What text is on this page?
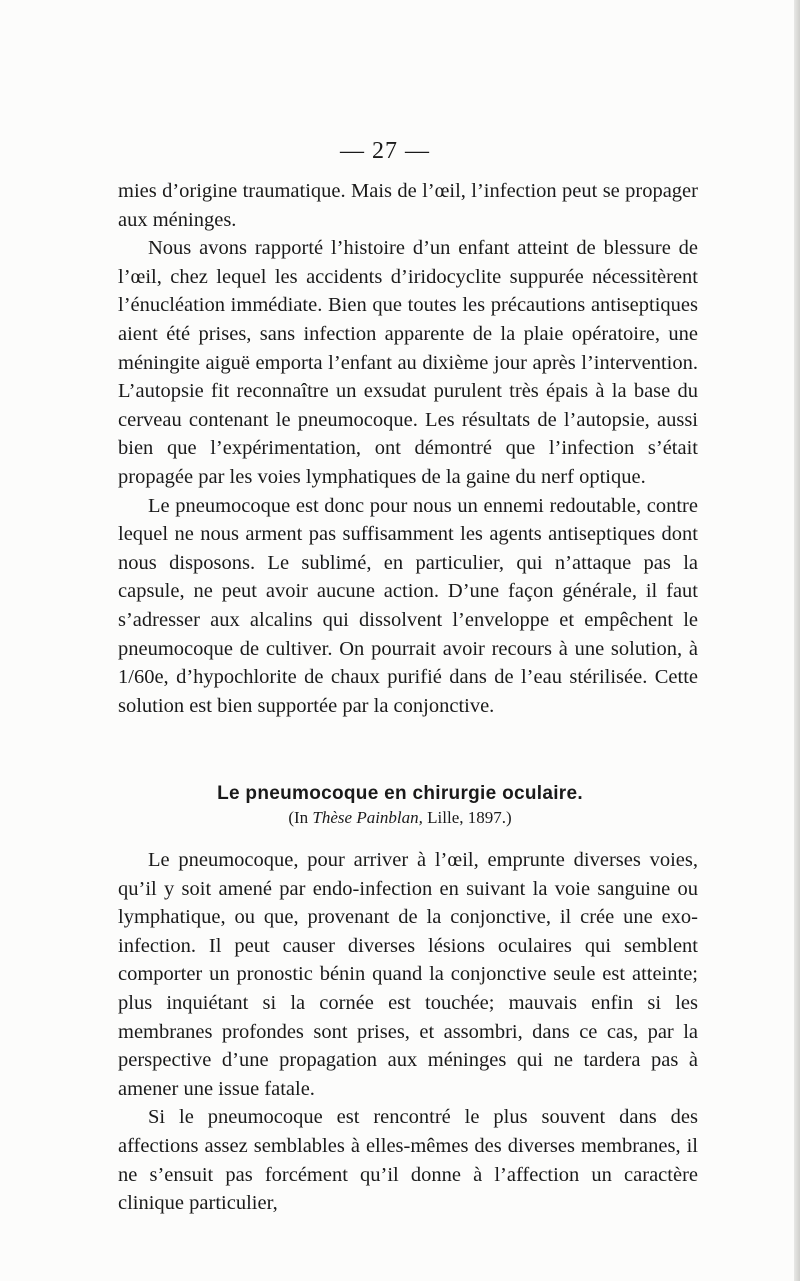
— 27 —

mies d’origine traumatique. Mais de l’œil, l’infection peut se propager aux méninges.

Nous avons rapporté l’histoire d’un enfant atteint de blessure de l’œil, chez lequel les accidents d’iridocyclite suppurée nécessitèrent l’énucléation immédiate. Bien que toutes les précautions antiseptiques aient été prises, sans infection apparente de la plaie opératoire, une méningite aiguë emporta l’enfant au dixième jour après l’intervention. L’autopsie fit reconnaître un exsudat purulent très épais à la base du cerveau contenant le pneumocoque. Les résultats de l’autopsie, aussi bien que l’expérimentation, ont démontré que l’infection s’était propagée par les voies lymphatiques de la gaine du nerf optique.

Le pneumocoque est donc pour nous un ennemi redoutable, contre lequel ne nous arment pas suffisamment les agents antiseptiques dont nous disposons. Le sublimé, en particulier, qui n’attaque pas la capsule, ne peut avoir aucune action. D’une façon générale, il faut s’adresser aux alcalins qui dissolvent l’enveloppe et empêchent le pneumocoque de cultiver. On pourrait avoir recours à une solution, à 1/60e, d’hypochlorite de chaux purifié dans de l’eau stérilisée. Cette solution est bien supportée par la conjonctive.

Le pneumocoque en chirurgie oculaire.
(In Thèse Painblan, Lille, 1897.)

Le pneumocoque, pour arriver à l’œil, emprunte diverses voies, qu’il y soit amené par endo-infection en suivant la voie sanguine ou lymphatique, ou que, provenant de la conjonctive, il crée une exo-infection. Il peut causer diverses lésions oculaires qui semblent comporter un pronostic bénin quand la conjonctive seule est atteinte; plus inquiétant si la cornée est touchée; mauvais enfin si les membranes profondes sont prises, et assombri, dans ce cas, par la perspective d’une propagation aux méninges qui ne tardera pas à amener une issue fatale.

Si le pneumocoque est rencontré le plus souvent dans des affections assez semblables à elles-mêmes des diverses membranes, il ne s’ensuit pas forcément qu’il donne à l’affection un caractère clinique particulier,
